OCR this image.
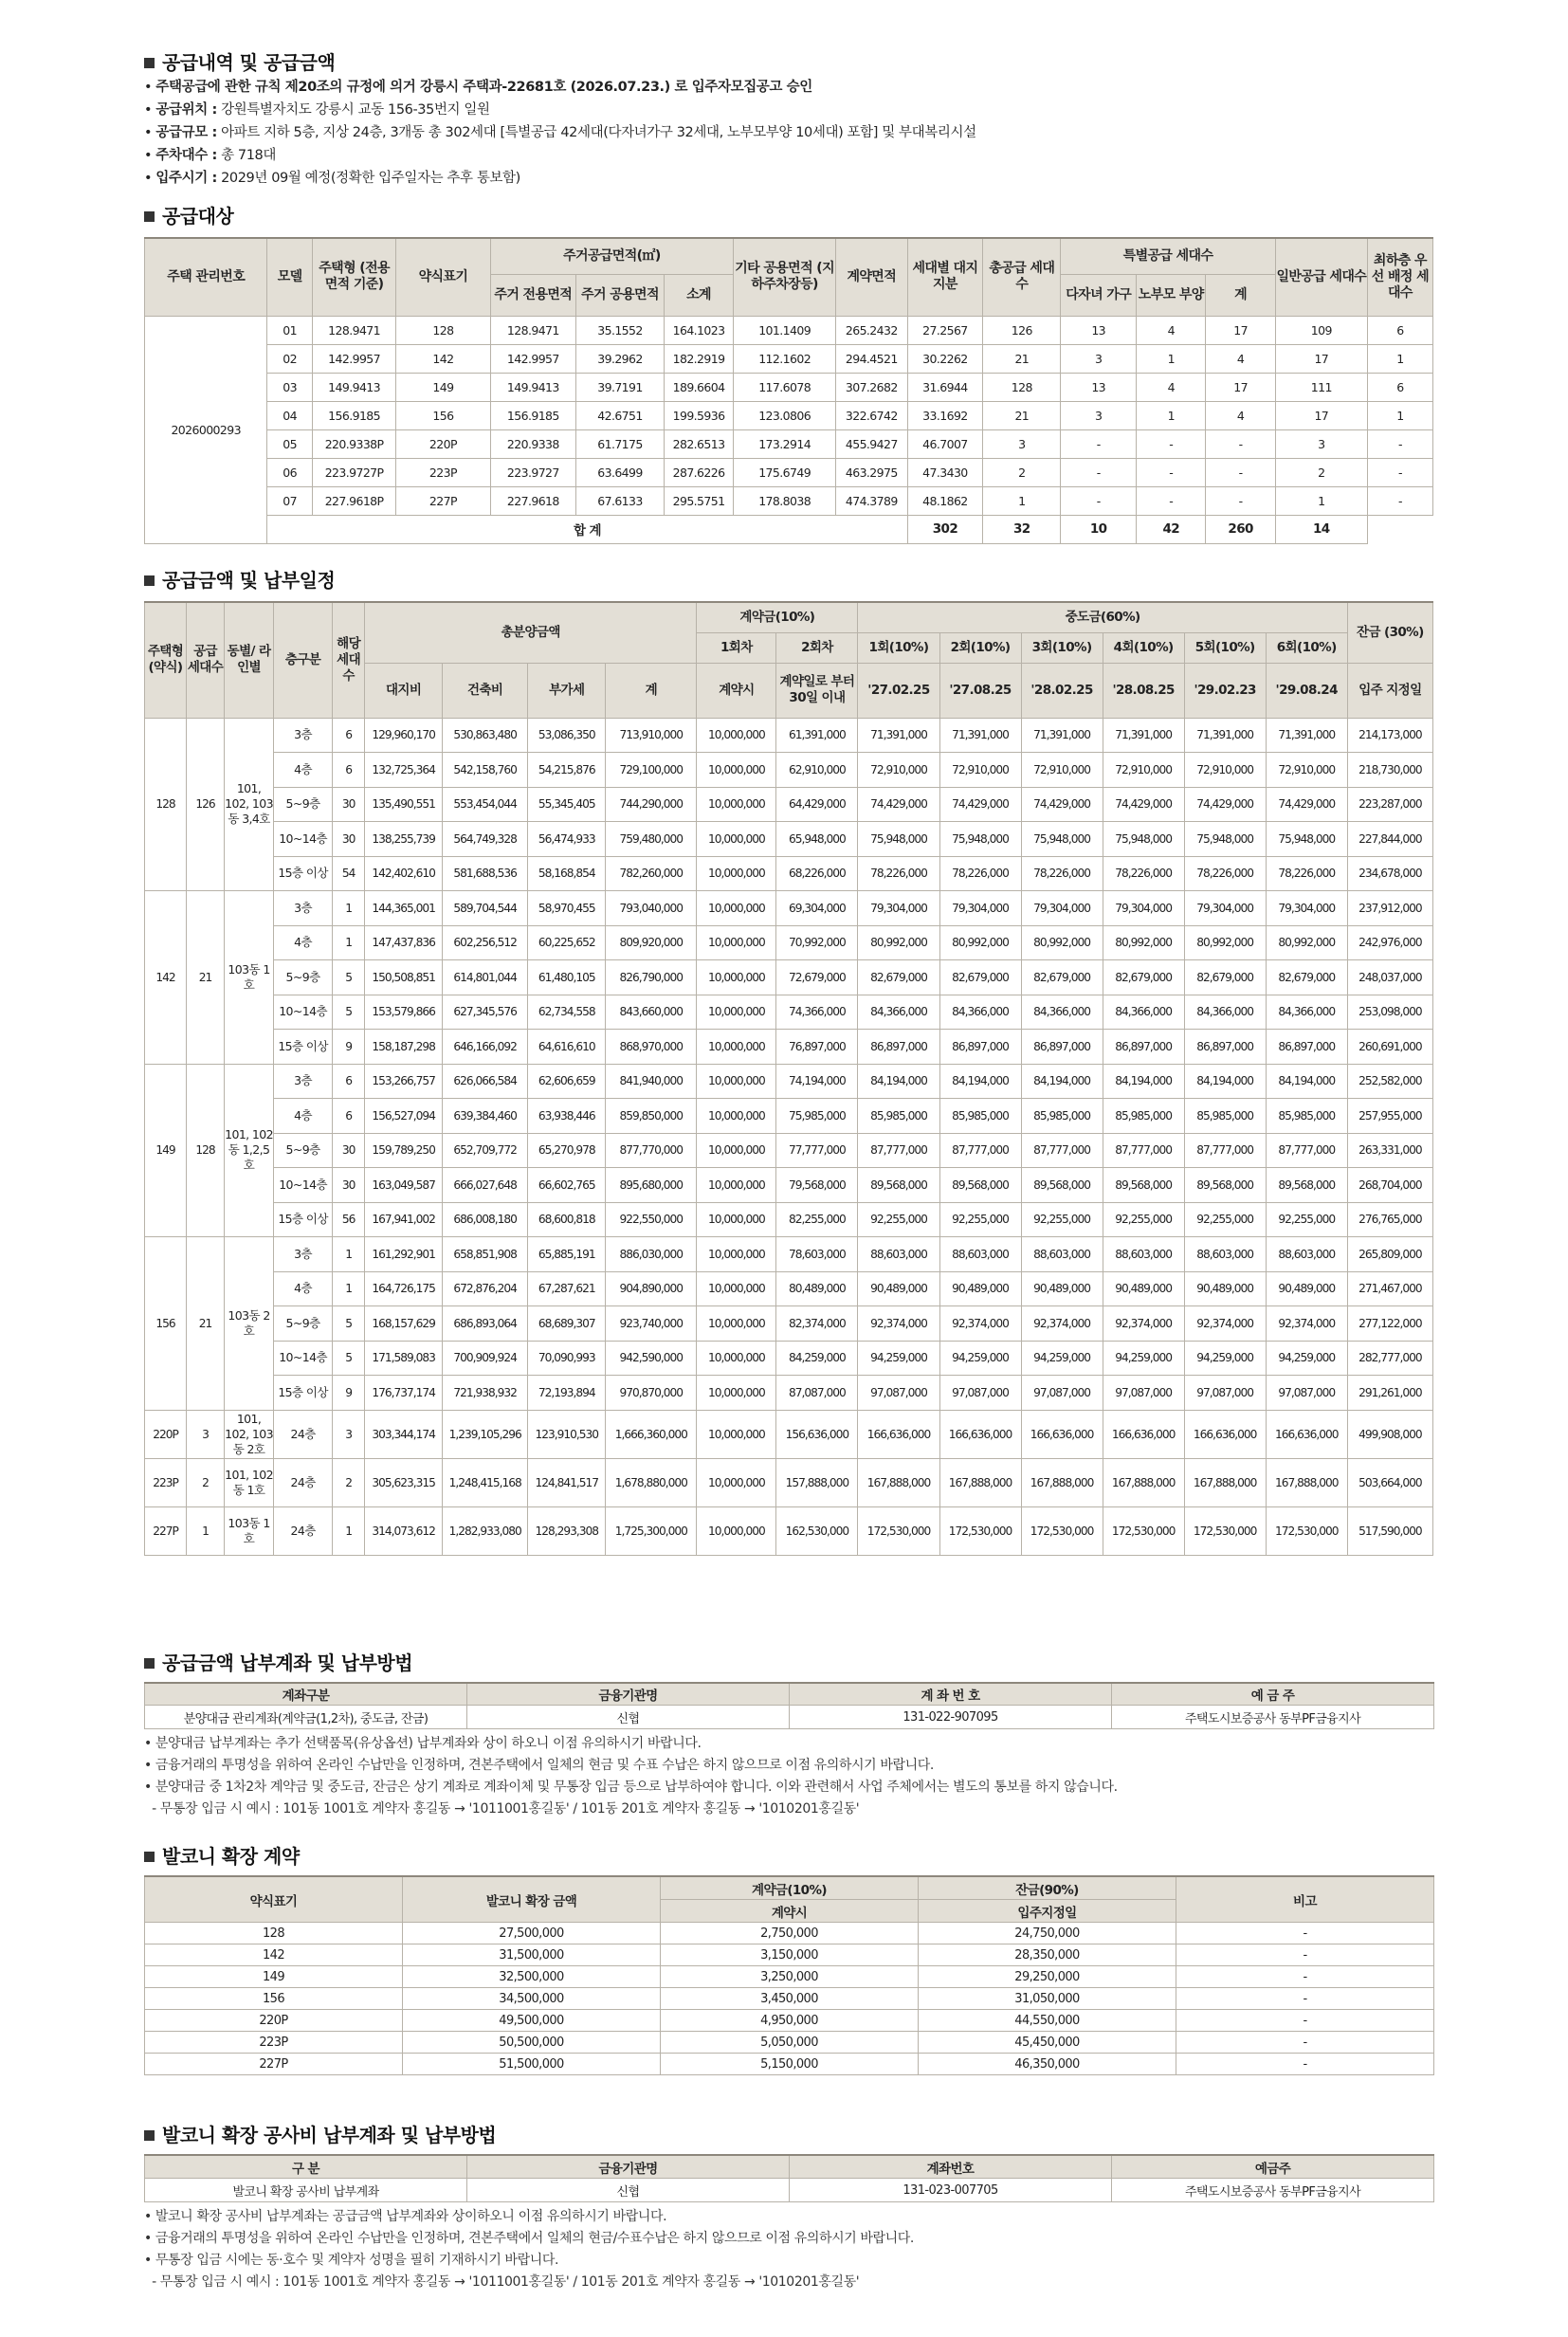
공급내역 및 공급금액
• 주택공급에 관한 규칙 제20조의 규정에 의거 강릉시 주택과-22681호 (2026.07.23.) 로 입주자모집공고 승인
• 공급위치 : 강원특별자치도 강릉시 교동 156-35번지 일원
• 공급규모 : 아파트 지하 5층, 지상 24층, 3개동 총 302세대 [특별공급 42세대(다자녀가구 32세대, 노부모부양 10세대) 포함] 및 부대복리시설
• 주차대수 : 총 718대
• 입주시기 : 2029년 09월 예정(정확한 입주일자는 추후 통보함)
공급대상
주택 관리번호	모델	주택형 (전용면적 기준)	약식표기	주거공급면적(㎡)			기타 공용면적 (지하주차장등)	계약면적	세대별 대지지분	총공급 세대수	특별공급 세대수			일반공급 세대수	최하층 우선 배정 세대수
				주거 전용면적	주거 공용면적	소계					다자녀 가구	노부모 부양	계		
2026000293	01	128.9471	128	128.9471	35.1552	164.1023	101.1409	265.2432	27.2567	126	13	4	17	109	6
	02	142.9957	142	142.9957	39.2962	182.2919	112.1602	294.4521	30.2262	21	3	1	4	17	1
	03	149.9413	149	149.9413	39.7191	189.6604	117.6078	307.2682	31.6944	128	13	4	17	111	6
	04	156.9185	156	156.9185	42.6751	199.5936	123.0806	322.6742	33.1692	21	3	1	4	17	1
	05	220.9338P	220P	220.9338	61.7175	282.6513	173.2914	455.9427	46.7007	3	-	-	-	3	-
	06	223.9727P	223P	223.9727	63.6499	287.6226	175.6749	463.2975	47.3430	2	-	-	-	2	-
	07	227.9618P	227P	227.9618	67.6133	295.5751	178.8038	474.3789	48.1862	1	-	-	-	1	-
	합 계								302	32	10	42	260	14	
공급금액 및 납부일정
주택형 (약식)	공급 세대수	동별/ 라인별	층구분	해당 세대수	총분양금액				계약금(10%)		중도금(60%)						잔금 (30%)
									1회차	2회차	1회(10%)	2회(10%)	3회(10%)	4회(10%)	5회(10%)	6회(10%)	
					대지비	건축비	부가세	계	계약시	계약일로 부터 30일 이내	'27.02.25	'27.08.25	'28.02.25	'28.08.25	'29.02.23	'29.08.24	입주 지정일
128	126	101, 102, 103동 3,4호	3층	6	129,960,170	530,863,480	53,086,350	713,910,000	10,000,000	61,391,000	71,391,000	71,391,000	71,391,000	71,391,000	71,391,000	71,391,000	214,173,000
			4층	6	132,725,364	542,158,760	54,215,876	729,100,000	10,000,000	62,910,000	72,910,000	72,910,000	72,910,000	72,910,000	72,910,000	72,910,000	218,730,000
			5~9층	30	135,490,551	553,454,044	55,345,405	744,290,000	10,000,000	64,429,000	74,429,000	74,429,000	74,429,000	74,429,000	74,429,000	74,429,000	223,287,000
			10~14층	30	138,255,739	564,749,328	56,474,933	759,480,000	10,000,000	65,948,000	75,948,000	75,948,000	75,948,000	75,948,000	75,948,000	75,948,000	227,844,000
			15층 이상	54	142,402,610	581,688,536	58,168,854	782,260,000	10,000,000	68,226,000	78,226,000	78,226,000	78,226,000	78,226,000	78,226,000	78,226,000	234,678,000
142	21	103동 1호	3층	1	144,365,001	589,704,544	58,970,455	793,040,000	10,000,000	69,304,000	79,304,000	79,304,000	79,304,000	79,304,000	79,304,000	79,304,000	237,912,000
			4층	1	147,437,836	602,256,512	60,225,652	809,920,000	10,000,000	70,992,000	80,992,000	80,992,000	80,992,000	80,992,000	80,992,000	80,992,000	242,976,000
			5~9층	5	150,508,851	614,801,044	61,480,105	826,790,000	10,000,000	72,679,000	82,679,000	82,679,000	82,679,000	82,679,000	82,679,000	82,679,000	248,037,000
			10~14층	5	153,579,866	627,345,576	62,734,558	843,660,000	10,000,000	74,366,000	84,366,000	84,366,000	84,366,000	84,366,000	84,366,000	84,366,000	253,098,000
			15층 이상	9	158,187,298	646,166,092	64,616,610	868,970,000	10,000,000	76,897,000	86,897,000	86,897,000	86,897,000	86,897,000	86,897,000	86,897,000	260,691,000
149	128	101, 102동 1,2,5호	3층	6	153,266,757	626,066,584	62,606,659	841,940,000	10,000,000	74,194,000	84,194,000	84,194,000	84,194,000	84,194,000	84,194,000	84,194,000	252,582,000
			4층	6	156,527,094	639,384,460	63,938,446	859,850,000	10,000,000	75,985,000	85,985,000	85,985,000	85,985,000	85,985,000	85,985,000	85,985,000	257,955,000
			5~9층	30	159,789,250	652,709,772	65,270,978	877,770,000	10,000,000	77,777,000	87,777,000	87,777,000	87,777,000	87,777,000	87,777,000	87,777,000	263,331,000
			10~14층	30	163,049,587	666,027,648	66,602,765	895,680,000	10,000,000	79,568,000	89,568,000	89,568,000	89,568,000	89,568,000	89,568,000	89,568,000	268,704,000
			15층 이상	56	167,941,002	686,008,180	68,600,818	922,550,000	10,000,000	82,255,000	92,255,000	92,255,000	92,255,000	92,255,000	92,255,000	92,255,000	276,765,000
156	21	103동 2호	3층	1	161,292,901	658,851,908	65,885,191	886,030,000	10,000,000	78,603,000	88,603,000	88,603,000	88,603,000	88,603,000	88,603,000	88,603,000	265,809,000
			4층	1	164,726,175	672,876,204	67,287,621	904,890,000	10,000,000	80,489,000	90,489,000	90,489,000	90,489,000	90,489,000	90,489,000	90,489,000	271,467,000
			5~9층	5	168,157,629	686,893,064	68,689,307	923,740,000	10,000,000	82,374,000	92,374,000	92,374,000	92,374,000	92,374,000	92,374,000	92,374,000	277,122,000
			10~14층	5	171,589,083	700,909,924	70,090,993	942,590,000	10,000,000	84,259,000	94,259,000	94,259,000	94,259,000	94,259,000	94,259,000	94,259,000	282,777,000
			15층 이상	9	176,737,174	721,938,932	72,193,894	970,870,000	10,000,000	87,087,000	97,087,000	97,087,000	97,087,000	97,087,000	97,087,000	97,087,000	291,261,000
220P	3	101, 102, 103동 2호	24층	3	303,344,174	1,239,105,296	123,910,530	1,666,360,000	10,000,000	156,636,000	166,636,000	166,636,000	166,636,000	166,636,000	166,636,000	166,636,000	499,908,000
223P	2	101, 102동 1호	24층	2	305,623,315	1,248,415,168	124,841,517	1,678,880,000	10,000,000	157,888,000	167,888,000	167,888,000	167,888,000	167,888,000	167,888,000	167,888,000	503,664,000
227P	1	103동 1호	24층	1	314,073,612	1,282,933,080	128,293,308	1,725,300,000	10,000,000	162,530,000	172,530,000	172,530,000	172,530,000	172,530,000	172,530,000	172,530,000	517,590,000
공급금액 납부계좌 및 납부방법
계좌구분	금융기관명	계 좌 번 호	예 금 주
분양대금 관리계좌(계약금(1,2차), 중도금, 잔금)	신협	131-022-907095	주택도시보증공사 동부PF금융지사
• 분양대금 납부계좌는 추가 선택품목(유상옵션) 납부계좌와 상이 하오니 이점 유의하시기 바랍니다.
• 금융거래의 투명성을 위하여 온라인 수납만을 인정하며, 견본주택에서 일체의 현금 및 수표 수납은 하지 않으므로 이점 유의하시기 바랍니다.
• 분양대금 중 1차2차 계약금 및 중도금, 잔금은 상기 계좌로 계좌이체 및 무통장 입금 등으로 납부하여야 합니다. 이와 관련해서 사업 주체에서는 별도의 통보를 하지 않습니다.
- 무통장 입금 시 예시 : 101동 1001호 계약자 홍길동 → '1011001홍길동' / 101동 201호 계약자 홍길동 → '1010201홍길동'
발코니 확장 계약
약식표기	발코니 확장 금액	계약금(10%)	잔금(90%)	비고
		계약시	입주지정일	
128	27,500,000	2,750,000	24,750,000	-
142	31,500,000	3,150,000	28,350,000	-
149	32,500,000	3,250,000	29,250,000	-
156	34,500,000	3,450,000	31,050,000	-
220P	49,500,000	4,950,000	44,550,000	-
223P	50,500,000	5,050,000	45,450,000	-
227P	51,500,000	5,150,000	46,350,000	-
발코니 확장 공사비 납부계좌 및 납부방법
구 분	금융기관명	계좌번호	예금주
발코니 확장 공사비 납부계좌	신협	131-023-007705	주택도시보증공사 동부PF금융지사
• 발코니 확장 공사비 납부계좌는 공급금액 납부계좌와 상이하오니 이점 유의하시기 바랍니다.
• 금융거래의 투명성을 위하여 온라인 수납만을 인정하며, 견본주택에서 일체의 현금/수표수납은 하지 않으므로 이점 유의하시기 바랍니다.
• 무통장 입금 시에는 동·호수 및 계약자 성명을 필히 기재하시기 바랍니다.
- 무통장 입금 시 예시 : 101동 1001호 계약자 홍길동 → '1011001홍길동' / 101동 201호 계약자 홍길동 → '1010201홍길동'
